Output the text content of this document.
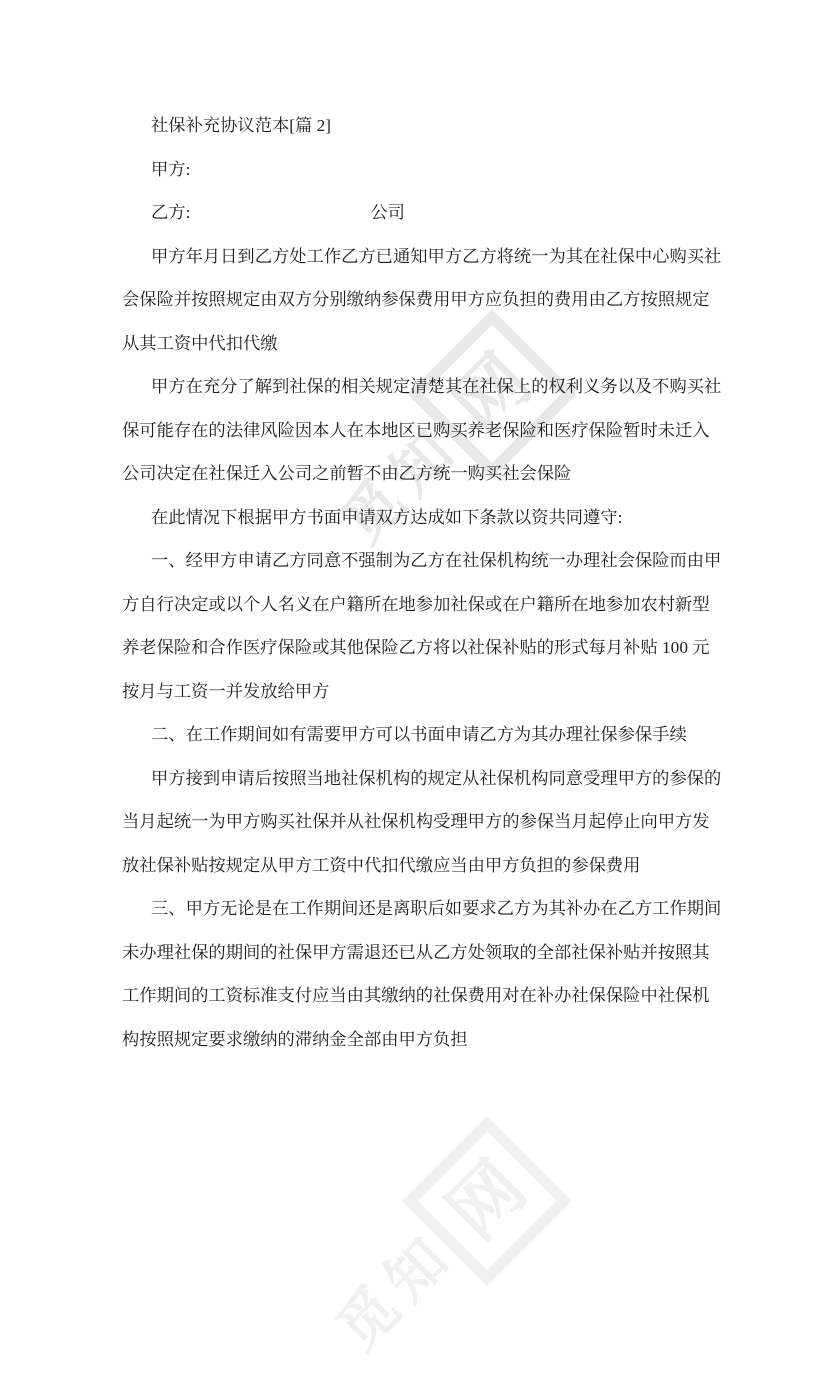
觅
知
网
觅
知
网
社保补充协议范本[篇 2]
甲方:
乙方:	公司
甲方年月日到乙方处工作乙方已通知甲方乙方将统一为其在社保中心购买社
会保险并按照规定由双方分别缴纳参保费用甲方应负担的费用由乙方按照规定
从其工资中代扣代缴
甲方在充分了解到社保的相关规定清楚其在社保上的权利义务以及不购买社
保可能存在的法律风险因本人在本地区已购买养老保险和医疗保险暂时未迁入
公司决定在社保迁入公司之前暂不由乙方统一购买社会保险
在此情况下根据甲方书面申请双方达成如下条款以资共同遵守:
一、经甲方申请乙方同意不强制为乙方在社保机构统一办理社会保险而由甲
方自行决定或以个人名义在户籍所在地参加社保或在户籍所在地参加农村新型
养老保险和合作医疗保险或其他保险乙方将以社保补贴的形式每月补贴 100 元
按月与工资一并发放给甲方
二、在工作期间如有需要甲方可以书面申请乙方为其办理社保参保手续
甲方接到申请后按照当地社保机构的规定从社保机构同意受理甲方的参保的
当月起统一为甲方购买社保并从社保机构受理甲方的参保当月起停止向甲方发
放社保补贴按规定从甲方工资中代扣代缴应当由甲方负担的参保费用
三、甲方无论是在工作期间还是离职后如要求乙方为其补办在乙方工作期间
未办理社保的期间的社保甲方需退还已从乙方处领取的全部社保补贴并按照其
工作期间的工资标准支付应当由其缴纳的社保费用对在补办社保保险中社保机
构按照规定要求缴纳的滞纳金全部由甲方负担
